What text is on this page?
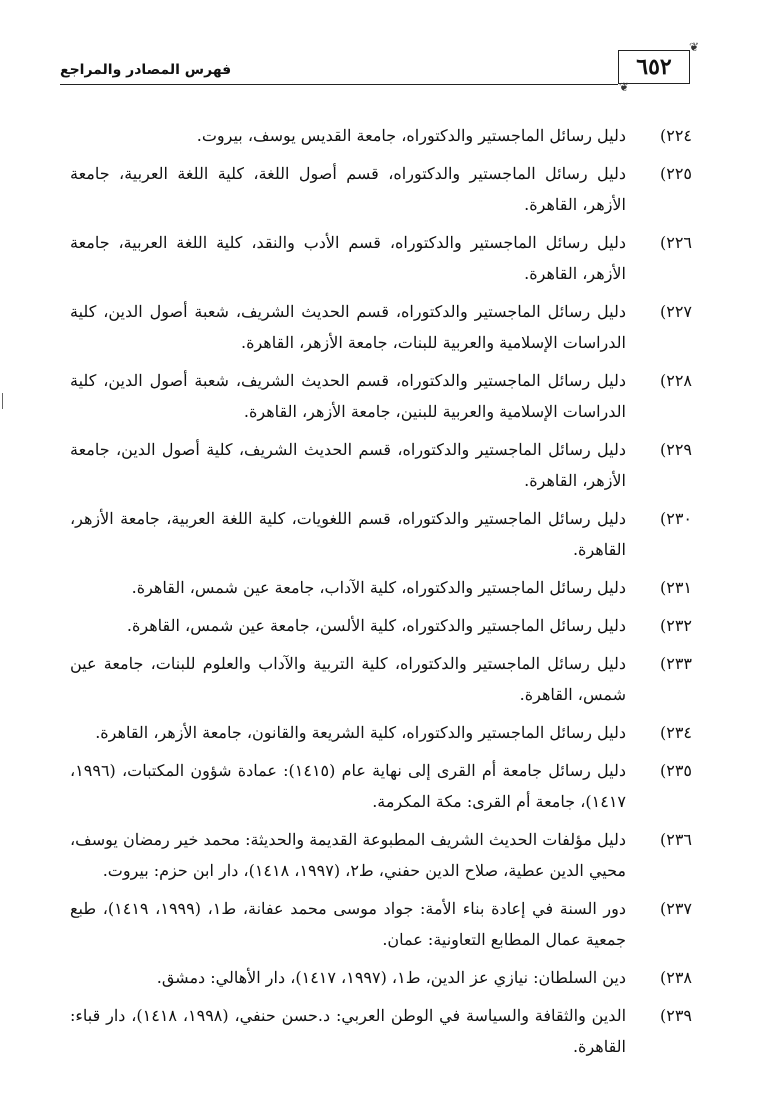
٦٥٢
❦
❦
فهرس المصادر والمراجع
(٢٢٤
دليل رسائل الماجستير والدكتوراه، جامعة القديس يوسف، بيروت.
(٢٢٥
دليل رسائل الماجستير والدكتوراه، قسم أصول اللغة، كلية اللغة العربية، جامعة الأزهر، القاهرة.
(٢٢٦
دليل رسائل الماجستير والدكتوراه، قسم الأدب والنقد، كلية اللغة العربية، جامعة الأزهر، القاهرة.
(٢٢٧
دليل رسائل الماجستير والدكتوراه، قسم الحديث الشريف، شعبة أصول الدين، كلية الدراسات الإسلامية والعربية للبنات، جامعة الأزهر، القاهرة.
(٢٢٨
دليل رسائل الماجستير والدكتوراه، قسم الحديث الشريف، شعبة أصول الدين، كلية الدراسات الإسلامية والعربية للبنين، جامعة الأزهر، القاهرة.
(٢٢٩
دليل رسائل الماجستير والدكتوراه، قسم الحديث الشريف، كلية أصول الدين، جامعة الأزهر، القاهرة.
(٢٣٠
دليل رسائل الماجستير والدكتوراه، قسم اللغويات، كلية اللغة العربية، جامعة الأزهر، القاهرة.
(٢٣١
دليل رسائل الماجستير والدكتوراه، كلية الآداب، جامعة عين شمس، القاهرة.
(٢٣٢
دليل رسائل الماجستير والدكتوراه، كلية الألسن، جامعة عين شمس، القاهرة.
(٢٣٣
دليل رسائل الماجستير والدكتوراه، كلية التربية والآداب والعلوم للبنات، جامعة عين شمس، القاهرة.
(٢٣٤
دليل رسائل الماجستير والدكتوراه، كلية الشريعة والقانون، جامعة الأزهر، القاهرة.
(٢٣٥
دليل رسائل جامعة أم القرى إلى نهاية عام (١٤١٥): عمادة شؤون المكتبات، (١٩٩٦، ١٤١٧)، جامعة أم القرى: مكة المكرمة.
(٢٣٦
دليل مؤلفات الحديث الشريف المطبوعة القديمة والحديثة: محمد خير رمضان يوسف، محيي الدين عطية، صلاح الدين حفني، ط٢، (١٩٩٧، ١٤١٨)، دار ابن حزم: بيروت.
(٢٣٧
دور السنة في إعادة بناء الأمة: جواد موسى محمد عفانة، ط١، (١٩٩٩، ١٤١٩)، طبع جمعية عمال المطابع التعاونية: عمان.
(٢٣٨
دين السلطان: نيازي عز الدين، ط١، (١٩٩٧، ١٤١٧)، دار الأهالي: دمشق.
(٢٣٩
الدين والثقافة والسياسة في الوطن العربي: د.حسن حنفي، (١٩٩٨، ١٤١٨)، دار قباء: القاهرة.
